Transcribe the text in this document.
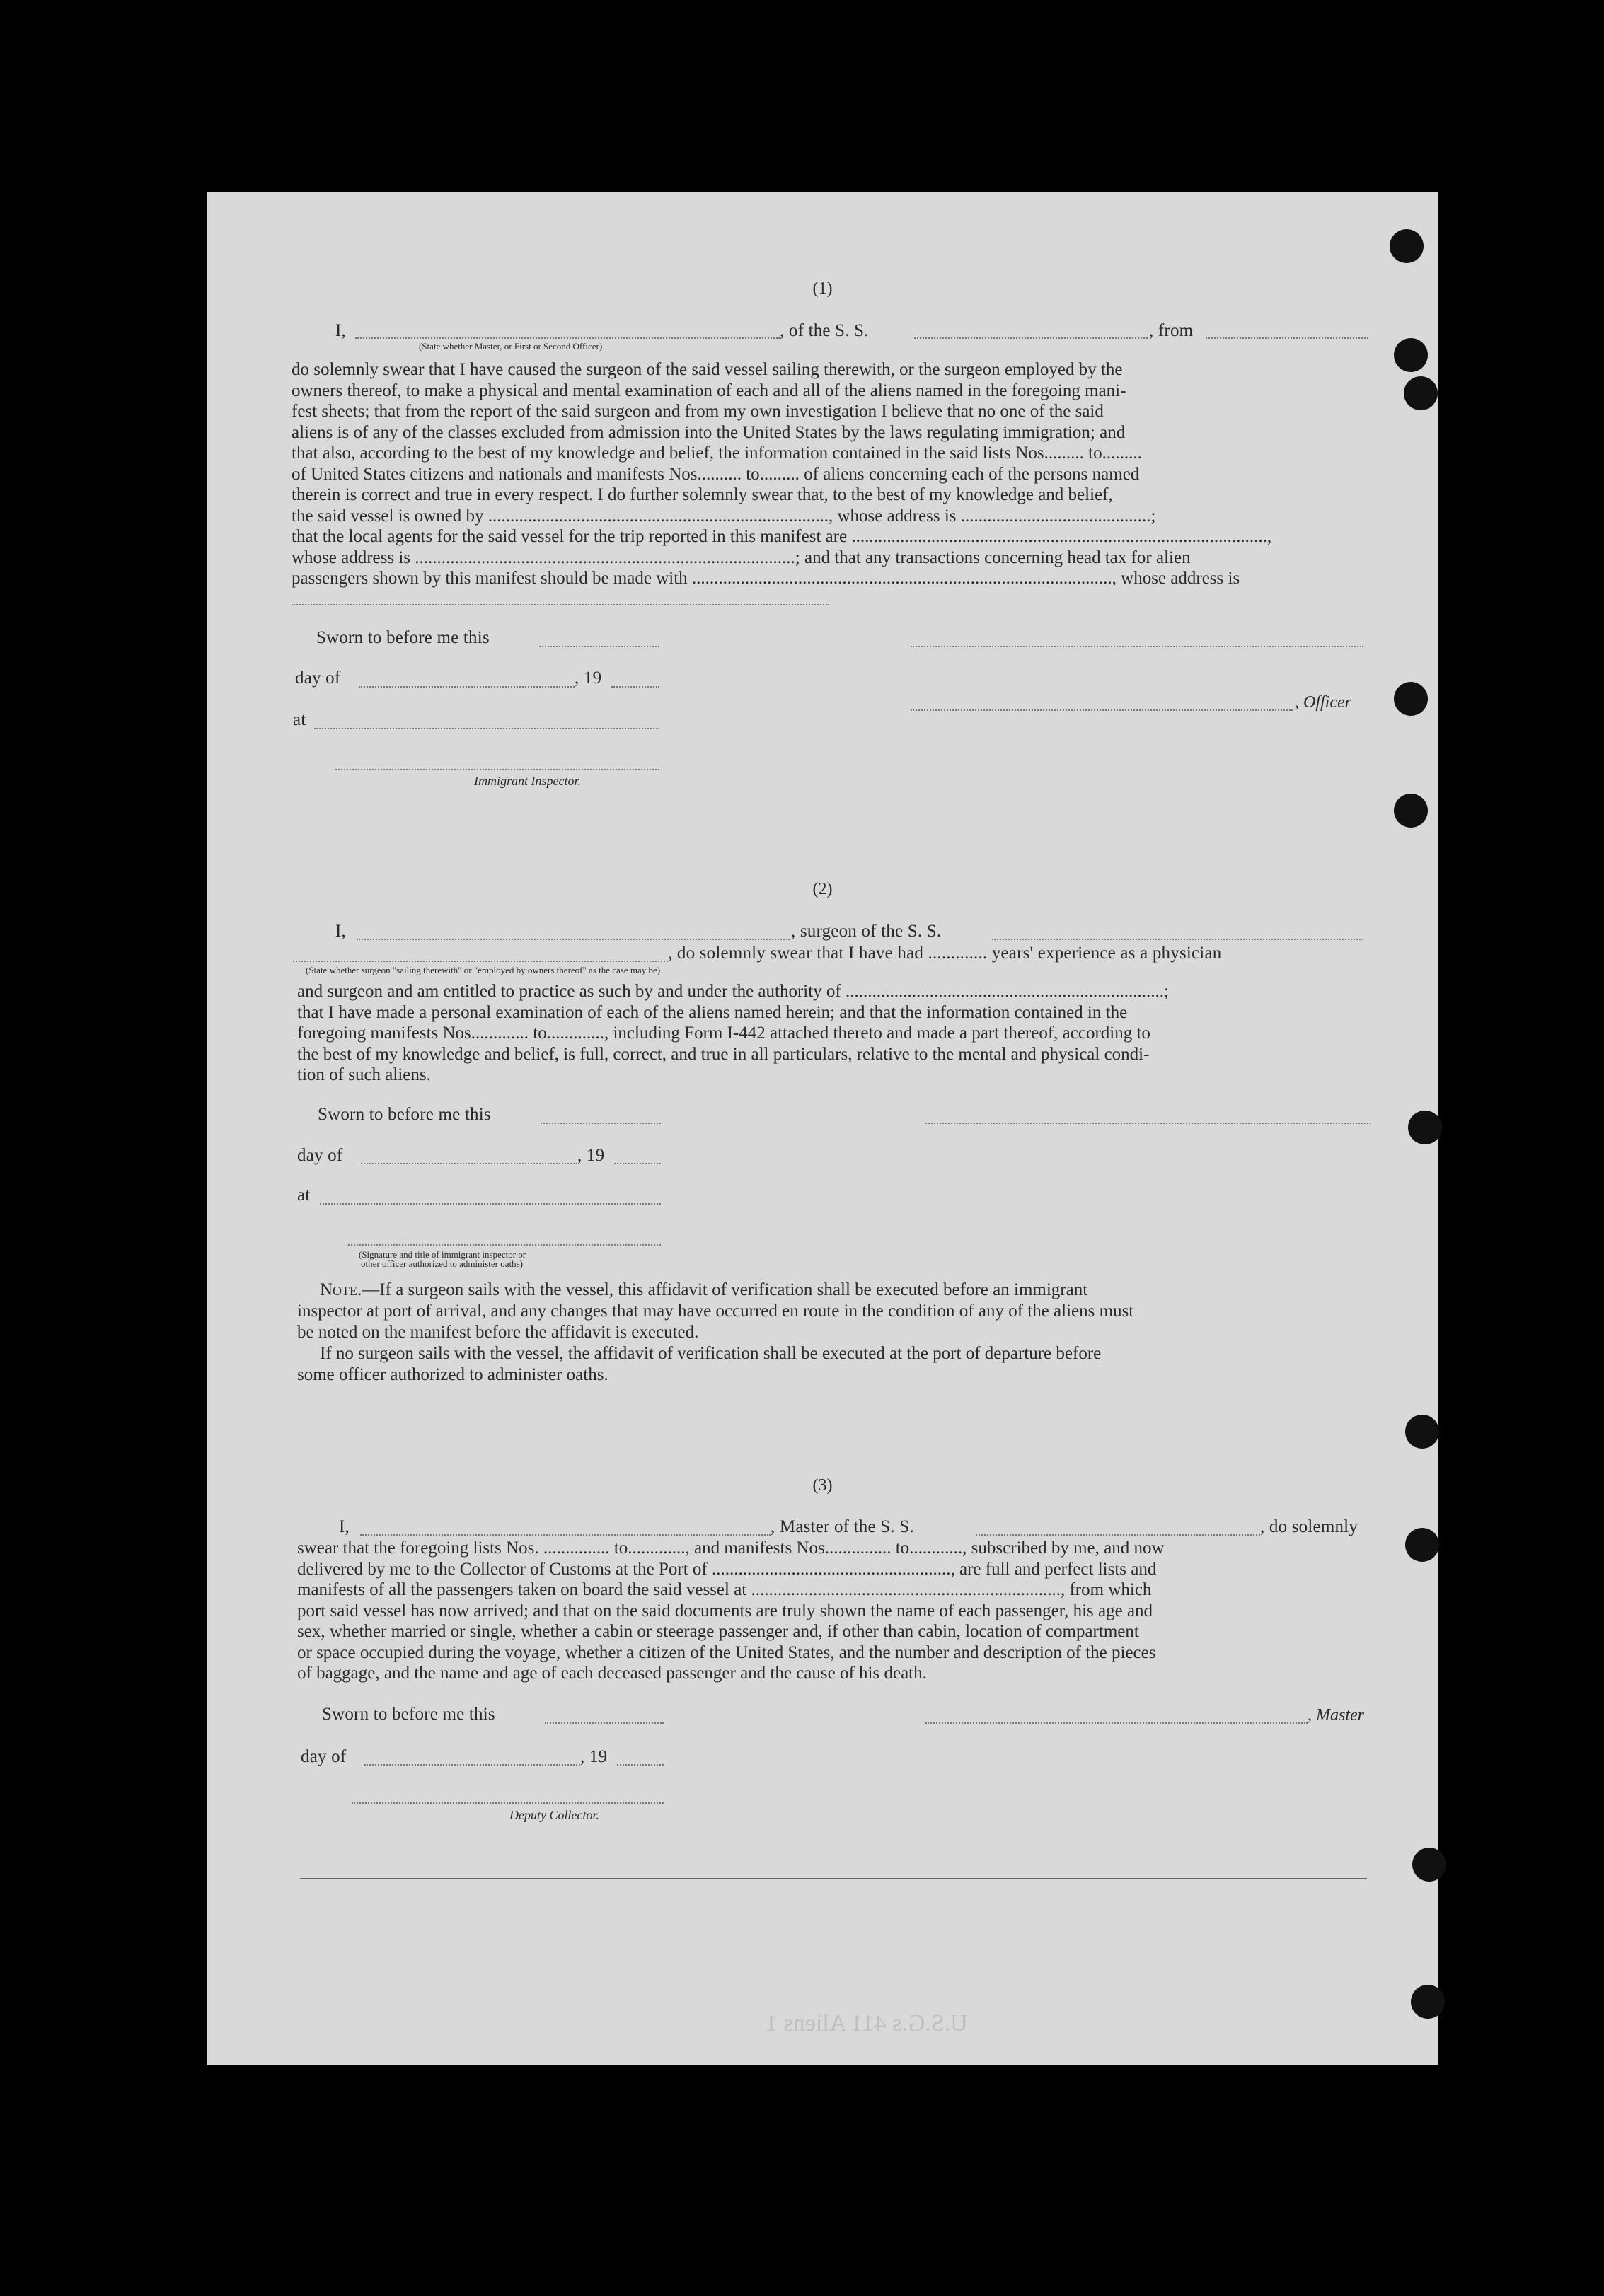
(1)
I,	, of the S. S.	, from
(State whether Master, or First or Second Officer)
do solemnly swear that I have caused the surgeon of the said vessel sailing therewith, or the surgeon employed by the
owners thereof, to make a physical and mental examination of each and all of the aliens named in the foregoing mani-
fest sheets; that from the report of the said surgeon and from my own investigation I believe that no one of the said
aliens is of any of the classes excluded from admission into the United States by the laws regulating immigration; and
that also, according to the best of my knowledge and belief, the information contained in the said lists Nos......... to.........
of United States citizens and nationals and manifests Nos.......... to......... of aliens concerning each of the persons named
therein is correct and true in every respect. I do further solemnly swear that, to the best of my knowledge and belief,
the said vessel is owned by ............................................................................., whose address is ...........................................;
that the local agents for the said vessel for the trip reported in this manifest are ..............................................................................................,
whose address is ......................................................................................; and that any transactions concerning head tax for alien
passengers shown by this manifest should be made with ..............................................................................................., whose address is
Sworn to before me this
day of	, 19
, Officer
at
Immigrant Inspector.
(2)
I,	, surgeon of the S. S.
, do solemnly swear that I have had ............. years' experience as a physician
(State whether surgeon "sailing therewith" or "employed by owners thereof" as the case may be)
and surgeon and am entitled to practice as such by and under the authority of ........................................................................;
that I have made a personal examination of each of the aliens named herein; and that the information contained in the
foregoing manifests Nos............. to............., including Form I-442 attached thereto and made a part thereof, according to
the best of my knowledge and belief, is full, correct, and true in all particulars, relative to the mental and physical condi-
tion of such aliens.
Sworn to before me this
day of	, 19
at
(Signature and title of immigrant inspector or
other officer authorized to administer oaths)
Note.—If a surgeon sails with the vessel, this affidavit of verification shall be executed before an immigrant
inspector at port of arrival, and any changes that may have occurred en route in the condition of any of the aliens must
be noted on the manifest before the affidavit is executed.
If no surgeon sails with the vessel, the affidavit of verification shall be executed at the port of departure before
some officer authorized to administer oaths.
(3)
I,	, Master of the S. S.	, do solemnly
swear that the foregoing lists Nos. ............... to............., and manifests Nos............... to............, subscribed by me, and now
delivered by me to the Collector of Customs at the Port of ......................................................, are full and perfect lists and
manifests of all the passengers taken on board the said vessel at ......................................................................, from which
port said vessel has now arrived; and that on the said documents are truly shown the name of each passenger, his age and
sex, whether married or single, whether a cabin or steerage passenger and, if other than cabin, location of compartment
or space occupied during the voyage, whether a citizen of the United States, and the number and description of the pieces
of baggage, and the name and age of each deceased passenger and the cause of his death.
Sworn to before me this	, Master
day of	, 19
Deputy Collector.
U.S.G.s 411 Aliens 1
